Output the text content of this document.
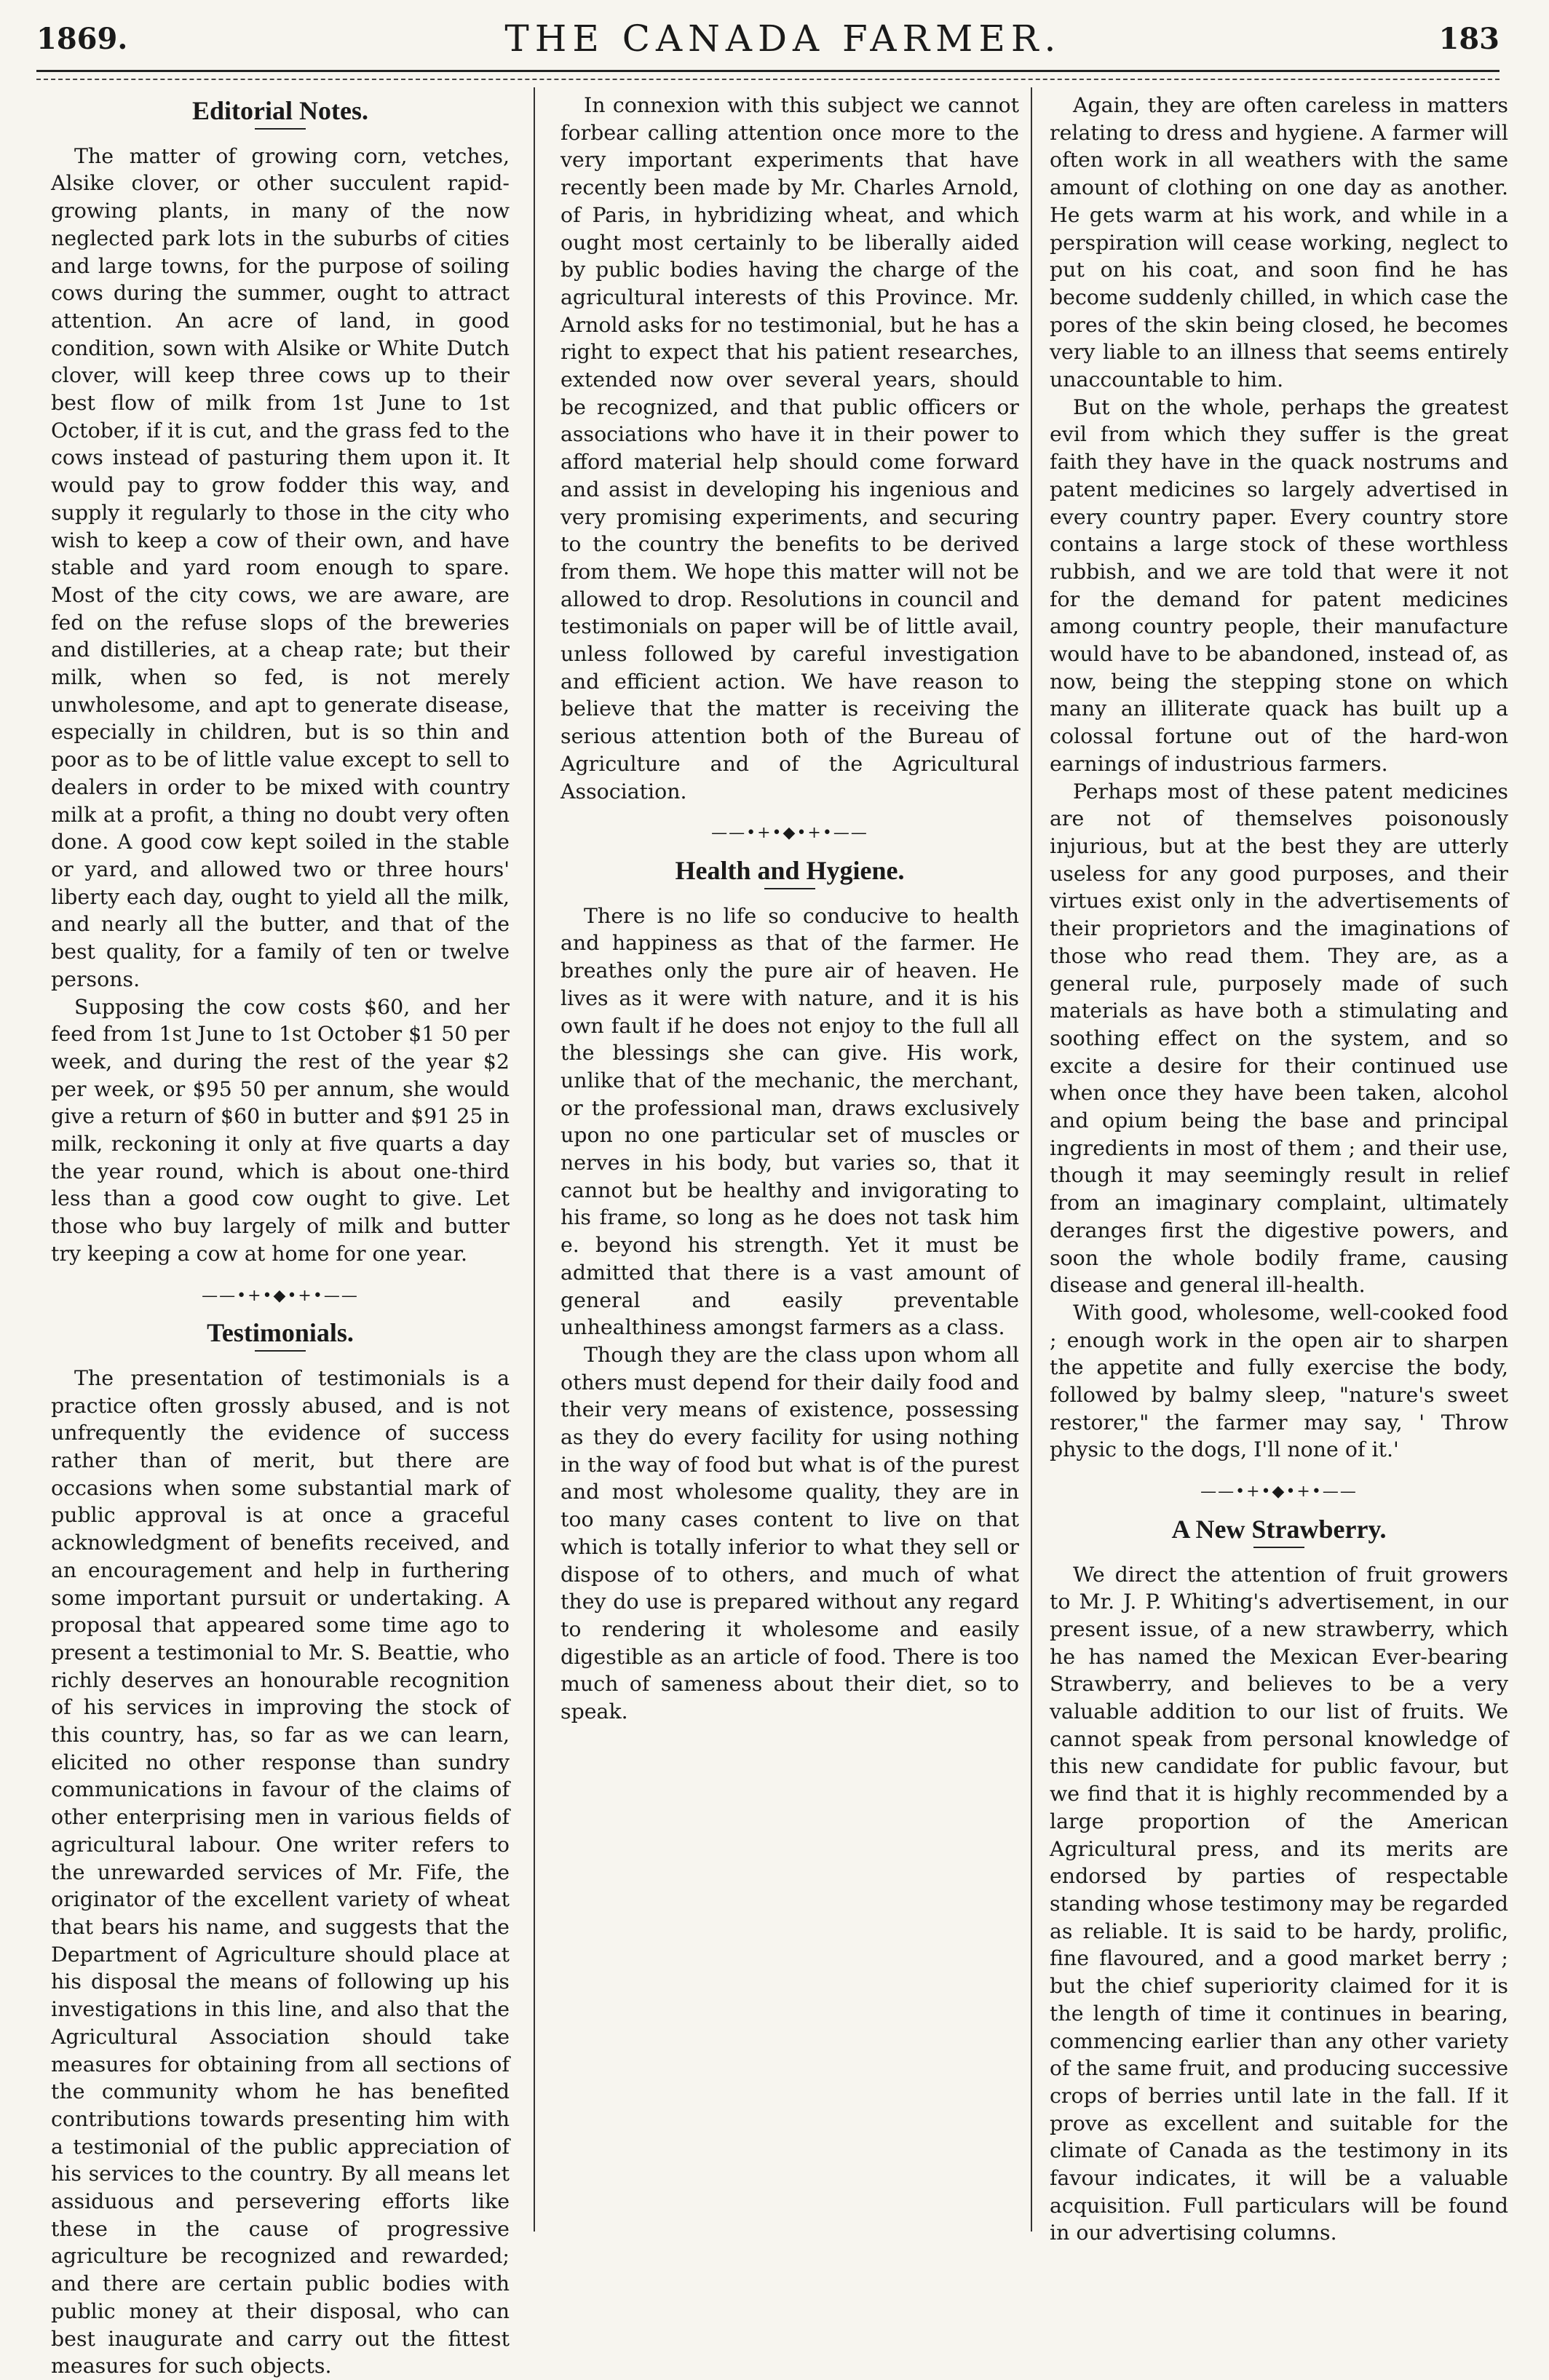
1869.	THE CANADA FARMER.	183
Editorial Notes.

The matter of growing corn, vetches, Alsike clover, or other succulent rapid-growing plants, in many of the now neglected park lots in the suburbs of cities and large towns, for the purpose of soiling cows during the summer, ought to attract attention. An acre of land, in good condition, sown with Alsike or White Dutch clover, will keep three cows up to their best flow of milk from 1st June to 1st October, if it is cut, and the grass fed to the cows instead of pasturing them upon it. It would pay to grow fodder this way, and supply it regularly to those in the city who wish to keep a cow of their own, and have stable and yard room enough to spare. Most of the city cows, we are aware, are fed on the refuse slops of the breweries and distilleries, at a cheap rate; but their milk, when so fed, is not merely unwholesome, and apt to generate disease, especially in children, but is so thin and poor as to be of little value except to sell to dealers in order to be mixed with country milk at a profit, a thing no doubt very often done. A good cow kept soiled in the stable or yard, and allowed two or three hours' liberty each day, ought to yield all the milk, and nearly all the butter, and that of the best quality, for a family of ten or twelve persons.

Supposing the cow costs $60, and her feed from 1st June to 1st October $1 50 per week, and during the rest of the year $2 per week, or $95 50 per annum, she would give a return of $60 in butter and $91 25 in milk, reckoning it only at five quarts a day the year round, which is about one-third less than a good cow ought to give. Let those who buy largely of milk and butter try keeping a cow at home for one year.

——•+•◆•+•——
Testimonials.

The presentation of testimonials is a practice often grossly abused, and is not unfrequently the evidence of success rather than of merit, but there are occasions when some substantial mark of public approval is at once a graceful acknowledgment of benefits received, and an encouragement and help in furthering some important pursuit or undertaking. A proposal that appeared some time ago to present a testimonial to Mr. S. Beattie, who richly deserves an honourable recognition of his services in improving the stock of this country, has, so far as we can learn, elicited no other response than sundry communications in favour of the claims of other enterprising men in various fields of agricultural labour. One writer refers to the unrewarded services of Mr. Fife, the originator of the excellent variety of wheat that bears his name, and suggests that the Department of Agriculture should place at his disposal the means of following up his investigations in this line, and also that the Agricultural Association should take measures for obtaining from all sections of the community whom he has benefited contributions towards presenting him with a testimonial of the public appreciation of his services to the country. By all means let assiduous and persevering efforts like these in the cause of progressive agriculture be recognized and rewarded; and there are certain public bodies with public money at their disposal, who can best inaugurate and carry out the fittest measures for such objects.

In connexion with this subject we cannot forbear calling attention once more to the very important experiments that have recently been made by Mr. Charles Arnold, of Paris, in hybridizing wheat, and which ought most certainly to be liberally aided by public bodies having the charge of the agricultural interests of this Province. Mr. Arnold asks for no testimonial, but he has a right to expect that his patient researches, extended now over several years, should be recognized, and that public officers or associations who have it in their power to afford material help should come forward and assist in developing his ingenious and very promising experiments, and securing to the country the benefits to be derived from them. We hope this matter will not be allowed to drop. Resolutions in council and testimonials on paper will be of little avail, unless followed by careful investigation and efficient action. We have reason to believe that the matter is receiving the serious attention both of the Bureau of Agriculture and of the Agricultural Association.

——•+•◆•+•——
Health and Hygiene.

There is no life so conducive to health and happiness as that of the farmer. He breathes only the pure air of heaven. He lives as it were with nature, and it is his own fault if he does not enjoy to the full all the blessings she can give. His work, unlike that of the mechanic, the merchant, or the professional man, draws exclusively upon no one particular set of muscles or nerves in his body, but varies so, that it cannot but be healthy and invigorating to his frame, so long as he does not task him e. beyond his strength. Yet it must be admitted that there is a vast amount of general and easily preventable unhealthiness amongst farmers as a class.

Though they are the class upon whom all others must depend for their daily food and their very means of existence, possessing as they do every facility for using nothing in the way of food but what is of the purest and most wholesome quality, they are in too many cases content to live on that which is totally inferior to what they sell or dispose of to others, and much of what they do use is prepared without any regard to rendering it wholesome and easily digestible as an article of food. There is too much of sameness about their diet, so to speak.

Again, they are often careless in matters relating to dress and hygiene. A farmer will often work in all weathers with the same amount of clothing on one day as another. He gets warm at his work, and while in a perspiration will cease working, neglect to put on his coat, and soon find he has become suddenly chilled, in which case the pores of the skin being closed, he becomes very liable to an illness that seems entirely unaccountable to him.

But on the whole, perhaps the greatest evil from which they suffer is the great faith they have in the quack nostrums and patent medicines so largely advertised in every country paper. Every country store contains a large stock of these worthless rubbish, and we are told that were it not for the demand for patent medicines among country people, their manufacture would have to be abandoned, instead of, as now, being the stepping stone on which many an illiterate quack has built up a colossal fortune out of the hard-won earnings of industrious farmers.

Perhaps most of these patent medicines are not of themselves poisonously injurious, but at the best they are utterly useless for any good purposes, and their virtues exist only in the advertisements of their proprietors and the imaginations of those who read them. They are, as a general rule, purposely made of such materials as have both a stimulating and soothing effect on the system, and so excite a desire for their continued use when once they have been taken, alcohol and opium being the base and principal ingredients in most of them ; and their use, though it may seemingly result in relief from an imaginary complaint, ultimately deranges first the digestive powers, and soon the whole bodily frame, causing disease and general ill-health.

With good, wholesome, well-cooked food ; enough work in the open air to sharpen the appetite and fully exercise the body, followed by balmy sleep, "nature's sweet restorer," the farmer may say, ' Throw physic to the dogs, I'll none of it.'

——•+•◆•+•——
A New Strawberry.

We direct the attention of fruit growers to Mr. J. P. Whiting's advertisement, in our present issue, of a new strawberry, which he has named the Mexican Ever-bearing Strawberry, and believes to be a very valuable addition to our list of fruits. We cannot speak from personal knowledge of this new candidate for public favour, but we find that it is highly recommended by a large proportion of the American Agricultural press, and its merits are endorsed by parties of respectable standing whose testimony may be regarded as reliable. It is said to be hardy, prolific, fine flavoured, and a good market berry ; but the chief superiority claimed for it is the length of time it continues in bearing, commencing earlier than any other variety of the same fruit, and producing successive crops of berries until late in the fall. If it prove as excellent and suitable for the climate of Canada as the testimony in its favour indicates, it will be a valuable acquisition. Full particulars will be found in our advertising columns.
